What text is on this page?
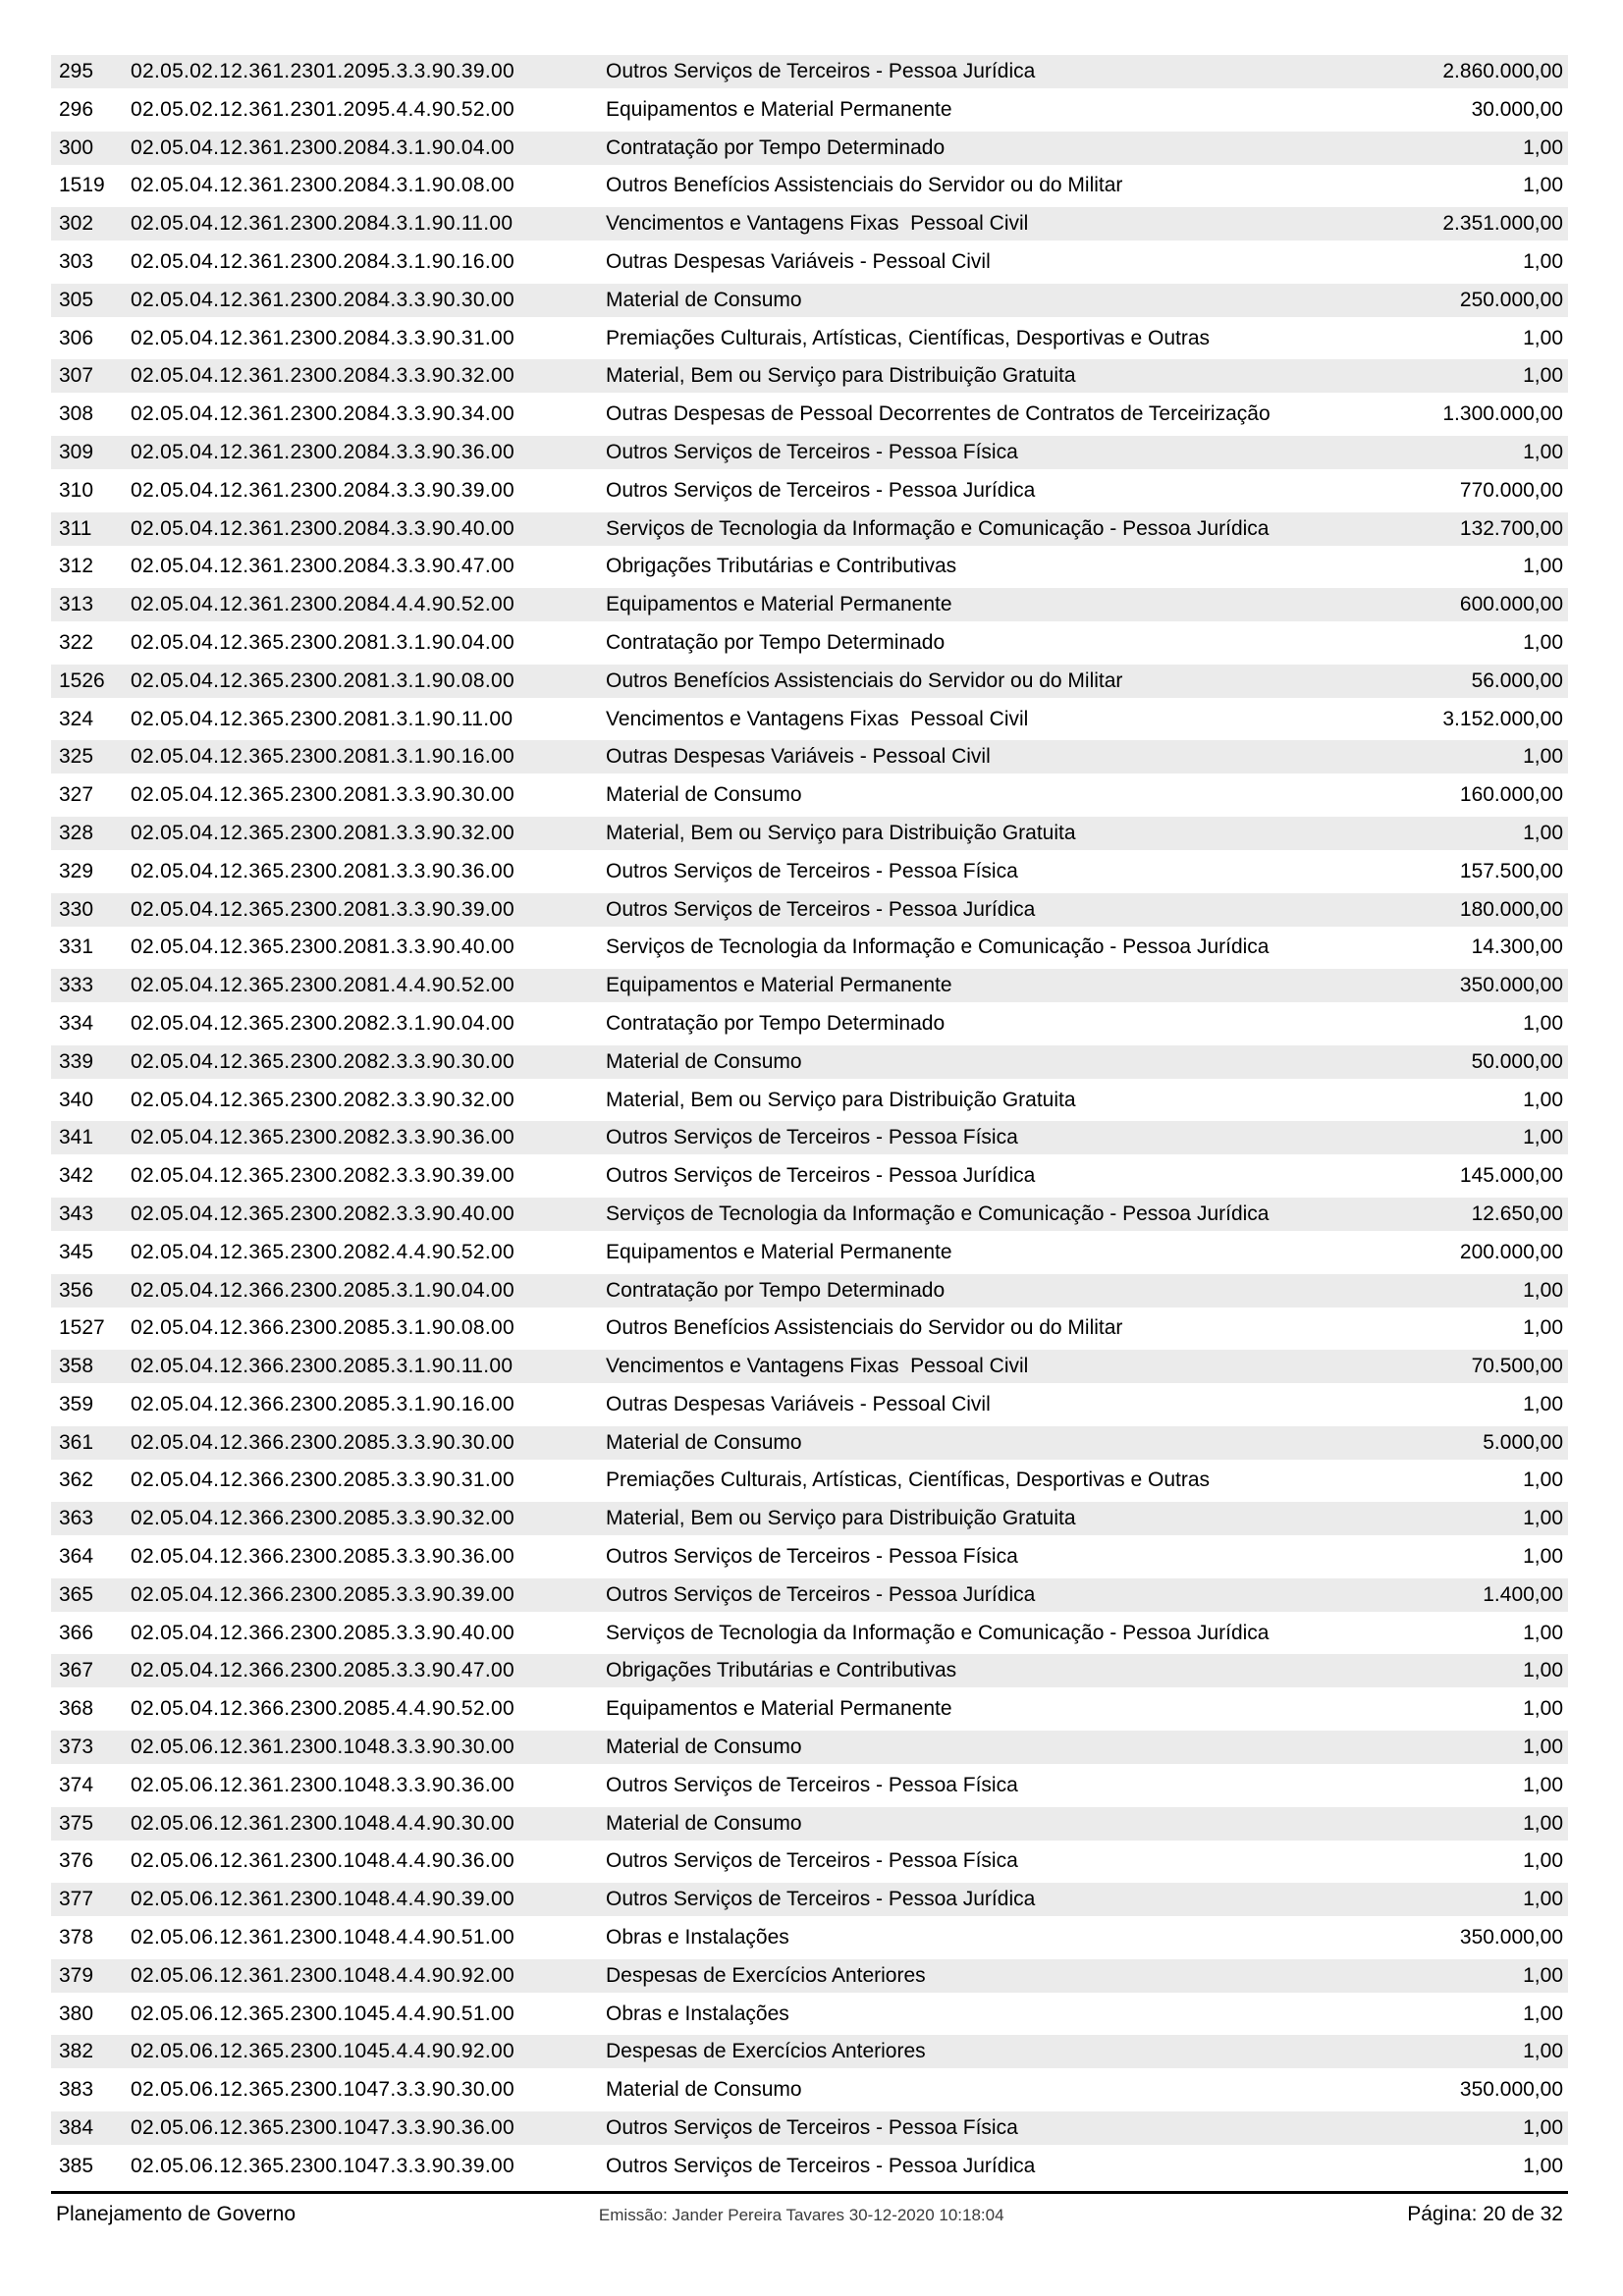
295	02.05.02.12.361.2301.2095.3.3.90.39.00	Outros Serviços de Terceiros - Pessoa Jurídica	2.860.000,00
296	02.05.02.12.361.2301.2095.4.4.90.52.00	Equipamentos e Material Permanente	30.000,00
300	02.05.04.12.361.2300.2084.3.1.90.04.00	Contratação por Tempo Determinado	1,00
1519	02.05.04.12.361.2300.2084.3.1.90.08.00	Outros Benefícios Assistenciais do Servidor ou do Militar	1,00
302	02.05.04.12.361.2300.2084.3.1.90.11.00	Vencimentos e Vantagens Fixas  Pessoal Civil	2.351.000,00
303	02.05.04.12.361.2300.2084.3.1.90.16.00	Outras Despesas Variáveis - Pessoal Civil	1,00
305	02.05.04.12.361.2300.2084.3.3.90.30.00	Material de Consumo	250.000,00
306	02.05.04.12.361.2300.2084.3.3.90.31.00	Premiações Culturais, Artísticas, Científicas, Desportivas e Outras	1,00
307	02.05.04.12.361.2300.2084.3.3.90.32.00	Material, Bem ou Serviço para Distribuição Gratuita	1,00
308	02.05.04.12.361.2300.2084.3.3.90.34.00	Outras Despesas de Pessoal Decorrentes de Contratos de Terceirização	1.300.000,00
309	02.05.04.12.361.2300.2084.3.3.90.36.00	Outros Serviços de Terceiros - Pessoa Física	1,00
310	02.05.04.12.361.2300.2084.3.3.90.39.00	Outros Serviços de Terceiros - Pessoa Jurídica	770.000,00
311	02.05.04.12.361.2300.2084.3.3.90.40.00	Serviços de Tecnologia da Informação e Comunicação - Pessoa Jurídica	132.700,00
312	02.05.04.12.361.2300.2084.3.3.90.47.00	Obrigações Tributárias e Contributivas	1,00
313	02.05.04.12.361.2300.2084.4.4.90.52.00	Equipamentos e Material Permanente	600.000,00
322	02.05.04.12.365.2300.2081.3.1.90.04.00	Contratação por Tempo Determinado	1,00
1526	02.05.04.12.365.2300.2081.3.1.90.08.00	Outros Benefícios Assistenciais do Servidor ou do Militar	56.000,00
324	02.05.04.12.365.2300.2081.3.1.90.11.00	Vencimentos e Vantagens Fixas  Pessoal Civil	3.152.000,00
325	02.05.04.12.365.2300.2081.3.1.90.16.00	Outras Despesas Variáveis - Pessoal Civil	1,00
327	02.05.04.12.365.2300.2081.3.3.90.30.00	Material de Consumo	160.000,00
328	02.05.04.12.365.2300.2081.3.3.90.32.00	Material, Bem ou Serviço para Distribuição Gratuita	1,00
329	02.05.04.12.365.2300.2081.3.3.90.36.00	Outros Serviços de Terceiros - Pessoa Física	157.500,00
330	02.05.04.12.365.2300.2081.3.3.90.39.00	Outros Serviços de Terceiros - Pessoa Jurídica	180.000,00
331	02.05.04.12.365.2300.2081.3.3.90.40.00	Serviços de Tecnologia da Informação e Comunicação - Pessoa Jurídica	14.300,00
333	02.05.04.12.365.2300.2081.4.4.90.52.00	Equipamentos e Material Permanente	350.000,00
334	02.05.04.12.365.2300.2082.3.1.90.04.00	Contratação por Tempo Determinado	1,00
339	02.05.04.12.365.2300.2082.3.3.90.30.00	Material de Consumo	50.000,00
340	02.05.04.12.365.2300.2082.3.3.90.32.00	Material, Bem ou Serviço para Distribuição Gratuita	1,00
341	02.05.04.12.365.2300.2082.3.3.90.36.00	Outros Serviços de Terceiros - Pessoa Física	1,00
342	02.05.04.12.365.2300.2082.3.3.90.39.00	Outros Serviços de Terceiros - Pessoa Jurídica	145.000,00
343	02.05.04.12.365.2300.2082.3.3.90.40.00	Serviços de Tecnologia da Informação e Comunicação - Pessoa Jurídica	12.650,00
345	02.05.04.12.365.2300.2082.4.4.90.52.00	Equipamentos e Material Permanente	200.000,00
356	02.05.04.12.366.2300.2085.3.1.90.04.00	Contratação por Tempo Determinado	1,00
1527	02.05.04.12.366.2300.2085.3.1.90.08.00	Outros Benefícios Assistenciais do Servidor ou do Militar	1,00
358	02.05.04.12.366.2300.2085.3.1.90.11.00	Vencimentos e Vantagens Fixas  Pessoal Civil	70.500,00
359	02.05.04.12.366.2300.2085.3.1.90.16.00	Outras Despesas Variáveis - Pessoal Civil	1,00
361	02.05.04.12.366.2300.2085.3.3.90.30.00	Material de Consumo	5.000,00
362	02.05.04.12.366.2300.2085.3.3.90.31.00	Premiações Culturais, Artísticas, Científicas, Desportivas e Outras	1,00
363	02.05.04.12.366.2300.2085.3.3.90.32.00	Material, Bem ou Serviço para Distribuição Gratuita	1,00
364	02.05.04.12.366.2300.2085.3.3.90.36.00	Outros Serviços de Terceiros - Pessoa Física	1,00
365	02.05.04.12.366.2300.2085.3.3.90.39.00	Outros Serviços de Terceiros - Pessoa Jurídica	1.400,00
366	02.05.04.12.366.2300.2085.3.3.90.40.00	Serviços de Tecnologia da Informação e Comunicação - Pessoa Jurídica	1,00
367	02.05.04.12.366.2300.2085.3.3.90.47.00	Obrigações Tributárias e Contributivas	1,00
368	02.05.04.12.366.2300.2085.4.4.90.52.00	Equipamentos e Material Permanente	1,00
373	02.05.06.12.361.2300.1048.3.3.90.30.00	Material de Consumo	1,00
374	02.05.06.12.361.2300.1048.3.3.90.36.00	Outros Serviços de Terceiros - Pessoa Física	1,00
375	02.05.06.12.361.2300.1048.4.4.90.30.00	Material de Consumo	1,00
376	02.05.06.12.361.2300.1048.4.4.90.36.00	Outros Serviços de Terceiros - Pessoa Física	1,00
377	02.05.06.12.361.2300.1048.4.4.90.39.00	Outros Serviços de Terceiros - Pessoa Jurídica	1,00
378	02.05.06.12.361.2300.1048.4.4.90.51.00	Obras e Instalações	350.000,00
379	02.05.06.12.361.2300.1048.4.4.90.92.00	Despesas de Exercícios Anteriores	1,00
380	02.05.06.12.365.2300.1045.4.4.90.51.00	Obras e Instalações	1,00
382	02.05.06.12.365.2300.1045.4.4.90.92.00	Despesas de Exercícios Anteriores	1,00
383	02.05.06.12.365.2300.1047.3.3.90.30.00	Material de Consumo	350.000,00
384	02.05.06.12.365.2300.1047.3.3.90.36.00	Outros Serviços de Terceiros - Pessoa Física	1,00
385	02.05.06.12.365.2300.1047.3.3.90.39.00	Outros Serviços de Terceiros - Pessoa Jurídica	1,00
Planejamento de Governo	Emissão: Jander Pereira Tavares 30-12-2020 10:18:04	Página: 20 de 32
